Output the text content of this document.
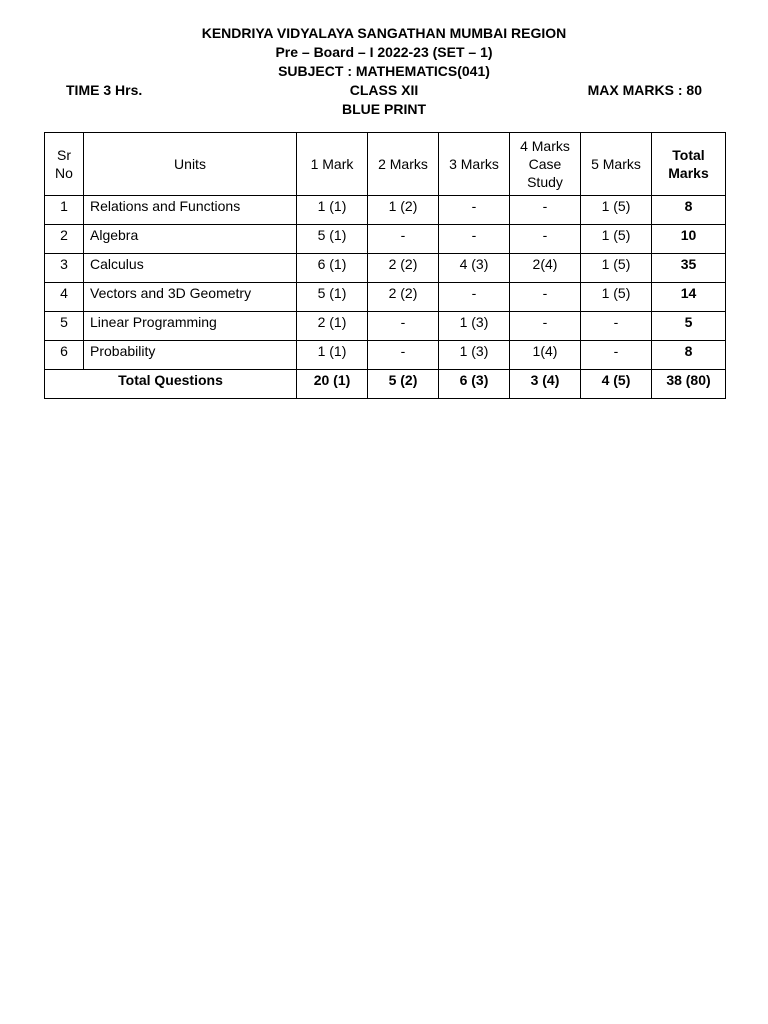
KENDRIYA VIDYALAYA SANGATHAN MUMBAI REGION
Pre – Board – I 2022-23 (SET – 1)
SUBJECT : MATHEMATICS(041)
CLASS XII
TIME 3 Hrs.	MAX MARKS : 80
BLUE PRINT
Sr No	Units	1 Mark	2 Marks	3 Marks	4 Marks Case Study	5 Marks	Total Marks
1	Relations and Functions	1 (1)	1 (2)	-	-	1 (5)	8
2	Algebra	5 (1)	-	-	-	1 (5)	10
3	Calculus	6 (1)	2 (2)	4 (3)	2(4)	1 (5)	35
4	Vectors and 3D Geometry	5 (1)	2 (2)	-	-	1 (5)	14
5	Linear Programming	2 (1)	-	1 (3)	-	-	5
6	Probability	1 (1)	-	1 (3)	1(4)	-	8
Total Questions		20 (1)	5 (2)	6 (3)	3 (4)	4 (5)	38 (80)
